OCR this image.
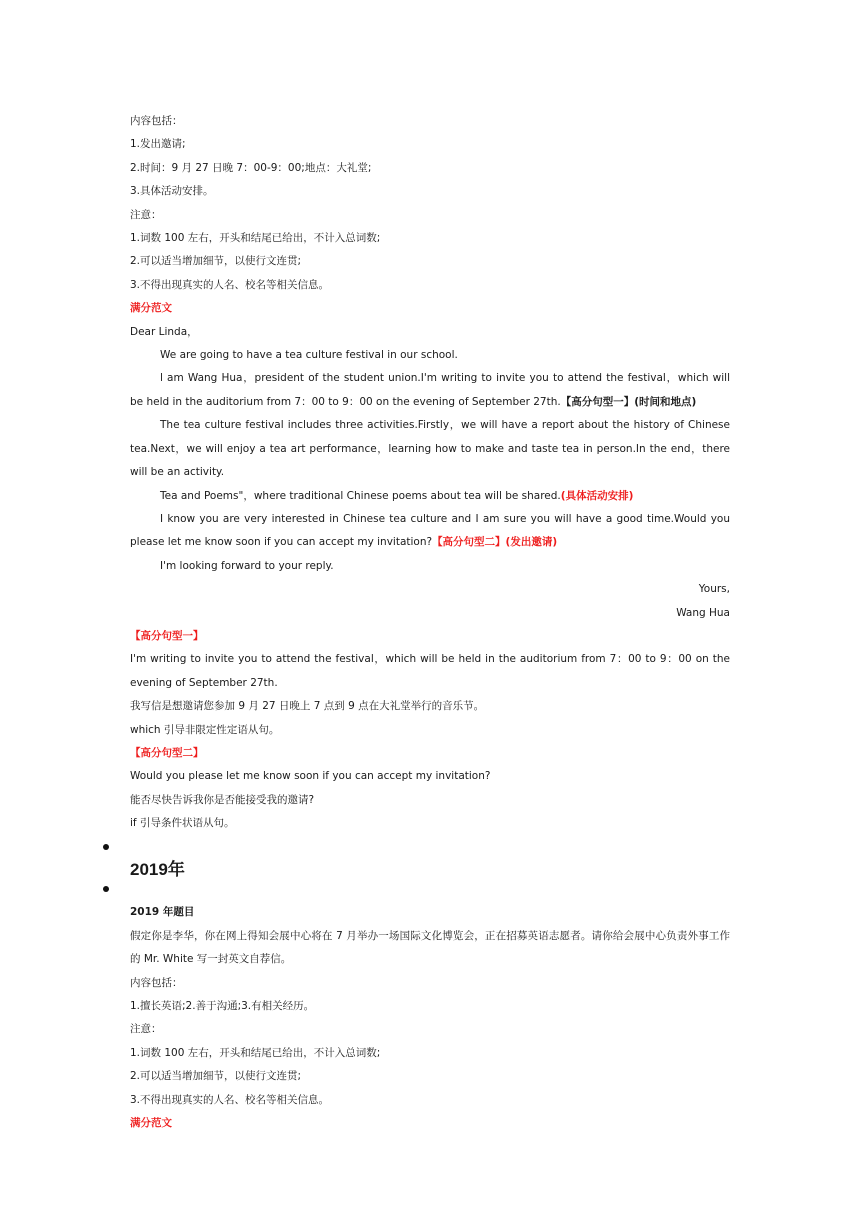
内容包括：
1.发出邀请;
2.时间：9 月 27 日晚 7：00-9：00;地点：大礼堂;
3.具体活动安排。
注意：
1.词数 100 左右，开头和结尾已给出，不计入总词数;
2.可以适当增加细节，以使行文连贯;
3.不得出现真实的人名、校名等相关信息。
满分范文
Dear Linda，
We are going to have a tea culture festival in our school.
l am Wang Hua，president of the student union.I'm writing to invite you to attend the festival，which will be held in the auditorium from 7：00 to 9：00 on the evening of September 27th.【高分句型一】(时间和地点)
The tea culture festival includes three activities.Firstly，we will have a report about the history of Chinese tea.Next，we will enjoy a tea art performance，learning how to make and taste tea in person.In the end，there will be an activity.
Tea and Poems"，where traditional Chinese poems about tea will be shared.(具体活动安排)
I know you are very interested in Chinese tea culture and I am sure you will have a good time.Would you please let me know soon if you can accept my invitation?【高分句型二】(发出邀请)
I'm looking forward to your reply.
Yours,
Wang Hua
【高分句型一】
I'm writing to invite you to attend the festival，which will be held in the auditorium from 7：00 to 9：00 on the evening of September 27th.
我写信是想邀请您参加 9 月 27 日晚上 7 点到 9 点在大礼堂举行的音乐节。
which 引导非限定性定语从句。
【高分句型二】
Would you please let me know soon if you can accept my invitation?
能否尽快告诉我你是否能接受我的邀请?
if 引导条件状语从句。
2019年
2019 年题目
假定你是李华，你在网上得知会展中心将在 7 月举办一场国际文化博览会，正在招募英语志愿者。请你给会展中心负责外事工作的 Mr. White 写一封英文自荐信。
内容包括：
1.擅长英语;2.善于沟通;3.有相关经历。
注意：
1.词数 100 左右，开头和结尾已给出，不计入总词数;
2.可以适当增加细节，以使行文连贯;
3.不得出现真实的人名、校名等相关信息。
满分范文
